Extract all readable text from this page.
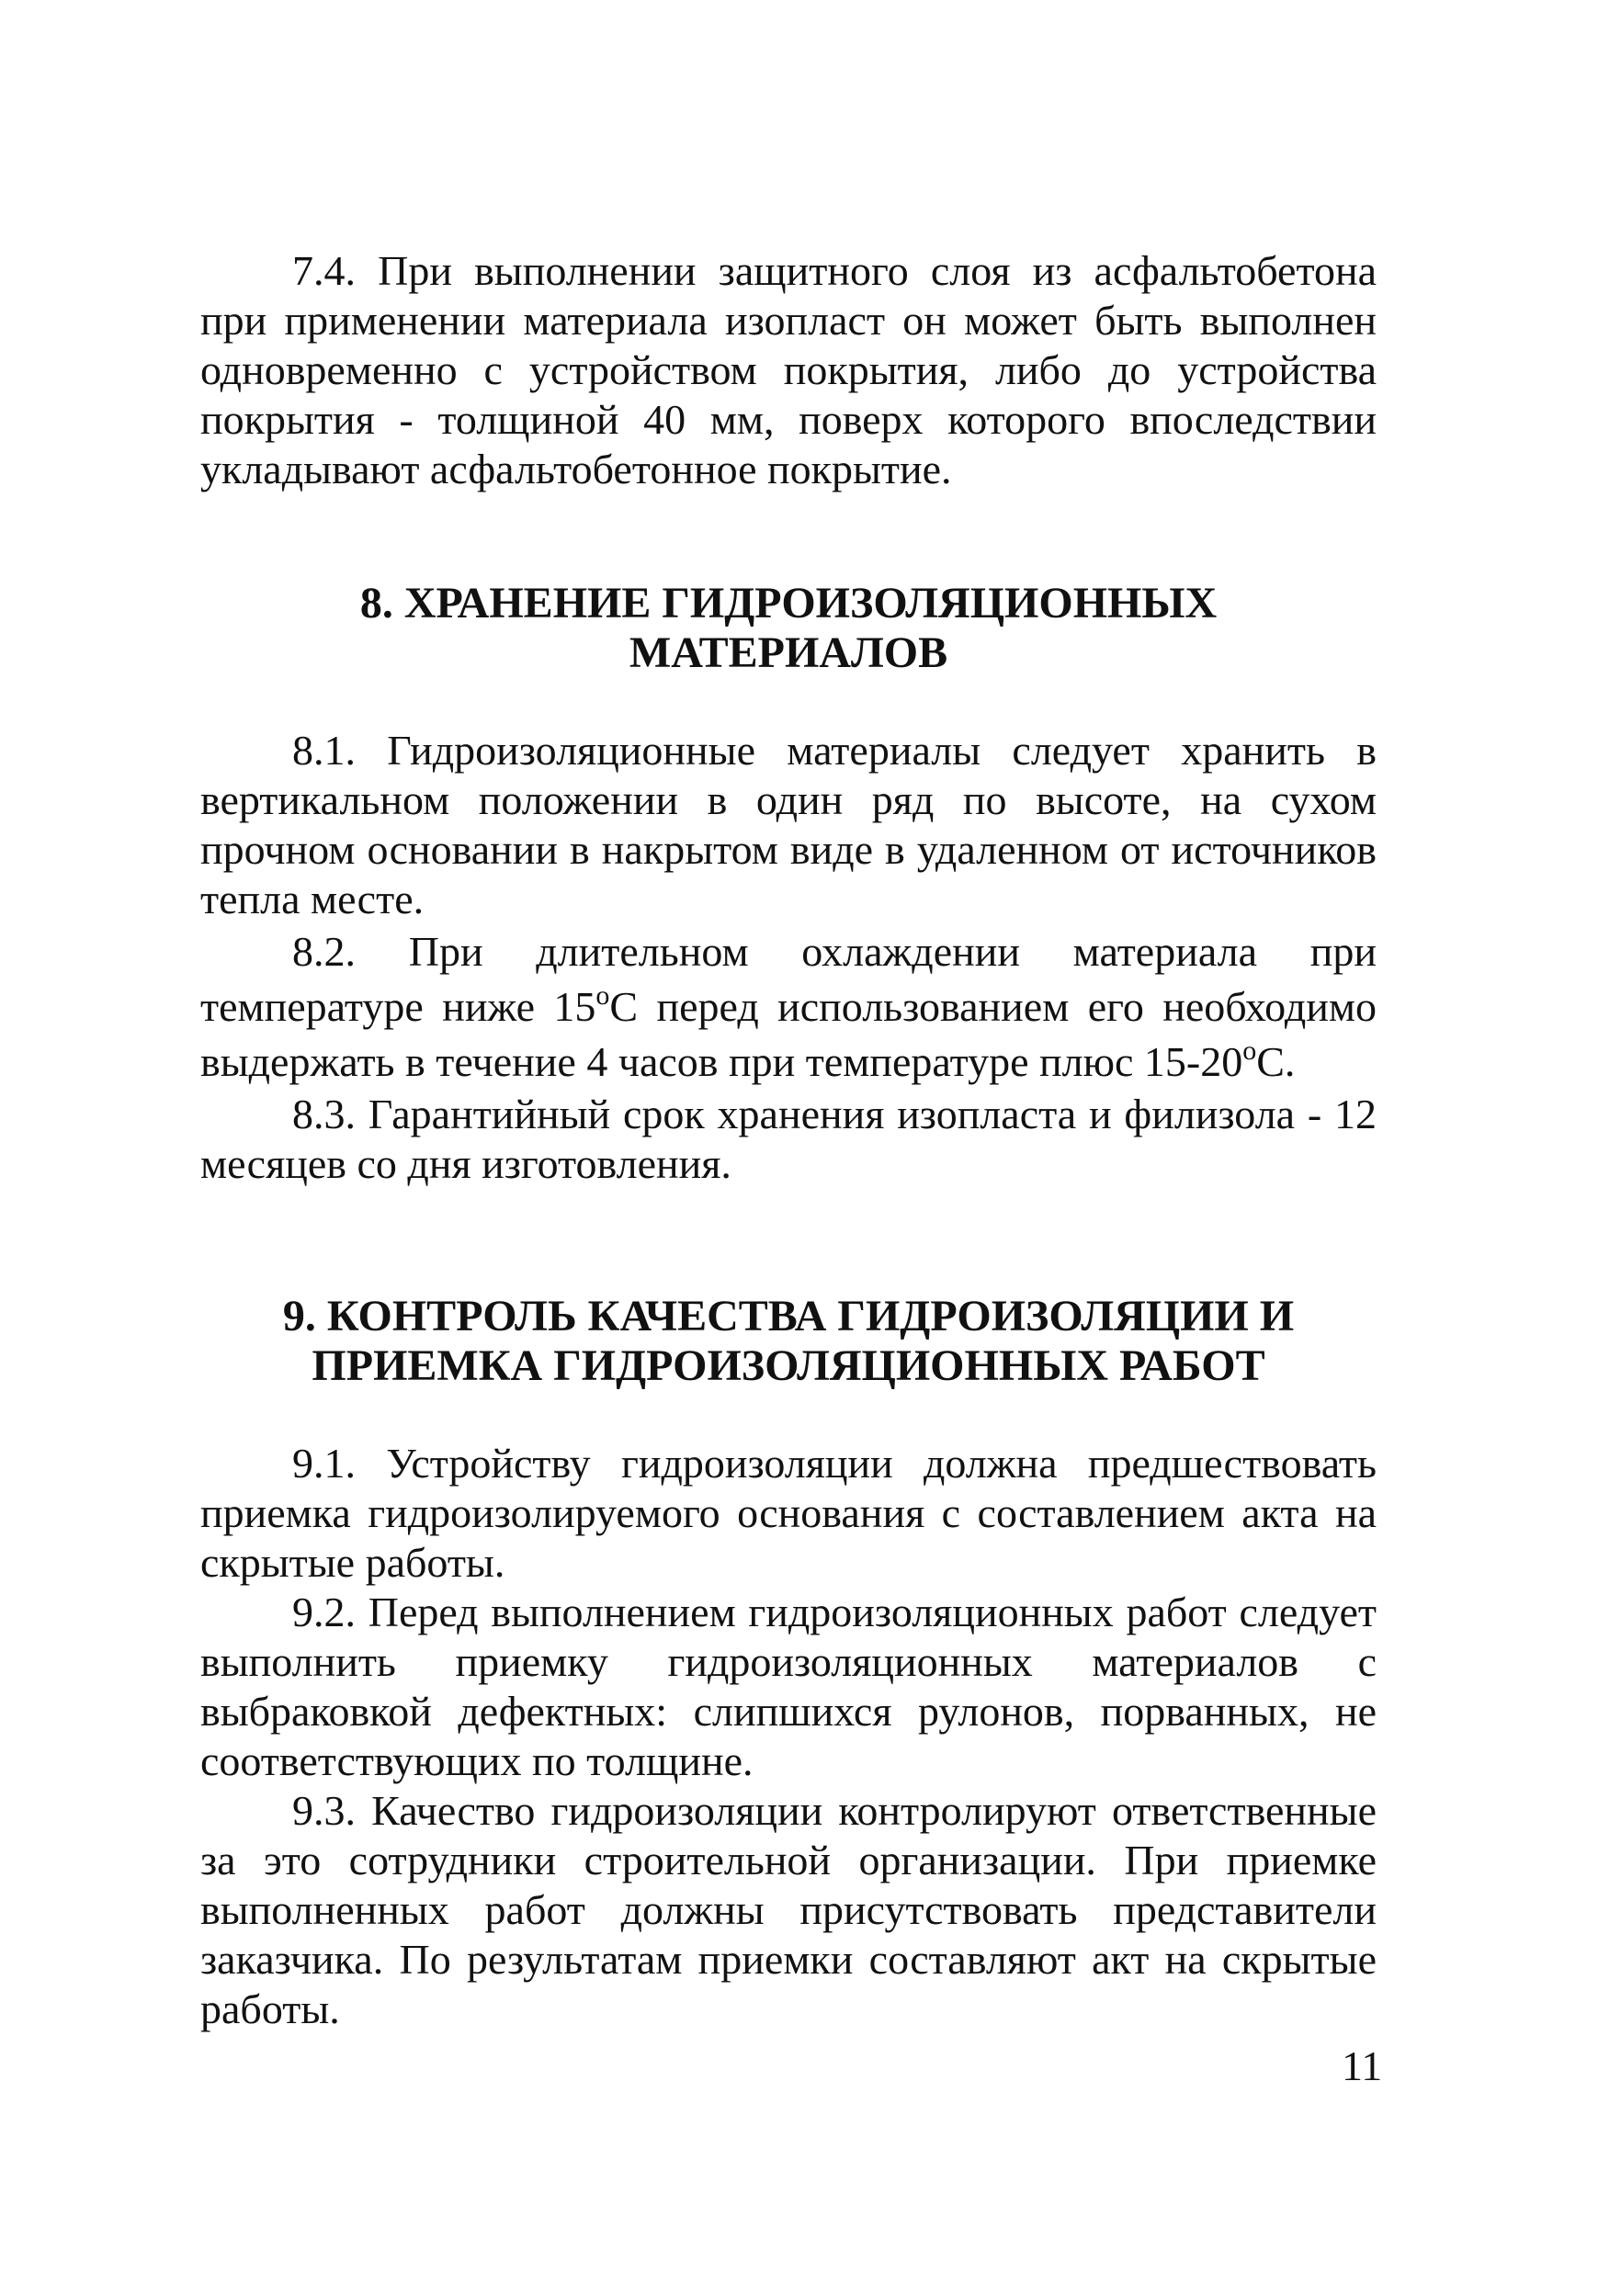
7.4. При выполнении защитного слоя из асфальтобетона при применении материала изопласт он может быть выполнен одновременно с устройством покрытия, либо до устройства покрытия - толщиной 40 мм, поверх которого впоследствии укладывают асфальтобетонное покрытие.

8. ХРАНЕНИЕ ГИДРОИЗОЛЯЦИОННЫХ МАТЕРИАЛОВ

8.1. Гидроизоляционные материалы следует хранить в вертикальном положении в один ряд по высоте, на сухом прочном основании в накрытом виде в удаленном от источников тепла месте.

8.2. При длительном охлаждении материала при температуре ниже 15$^o$С перед использованием его необходимо выдержать в течение 4 часов при температуре плюс 15-20$^o$С.

8.3. Гарантийный срок хранения изопласта и филизола - 12 месяцев со дня изготовления.

9. КОНТРОЛЬ КАЧЕСТВА ГИДРОИЗОЛЯЦИИ И
ПРИЕМКА ГИДРОИЗОЛЯЦИОННЫХ РАБОТ

9.1. Устройству гидроизоляции должна предшествовать приемка гидроизолируемого основания с составлением акта на скрытые работы.

9.2. Перед выполнением гидроизоляционных работ следует выполнить приемку гидроизоляционных материалов с выбраковкой дефектных: слипшихся рулонов, порванных, не соответствующих по толщине.

9.3. Качество гидроизоляции контролируют ответственные за это сотрудники строительной организации. При приемке выполненных работ должны присутствовать представители заказчика. По результатам приемки составляют акт на скрытые работы.

11
